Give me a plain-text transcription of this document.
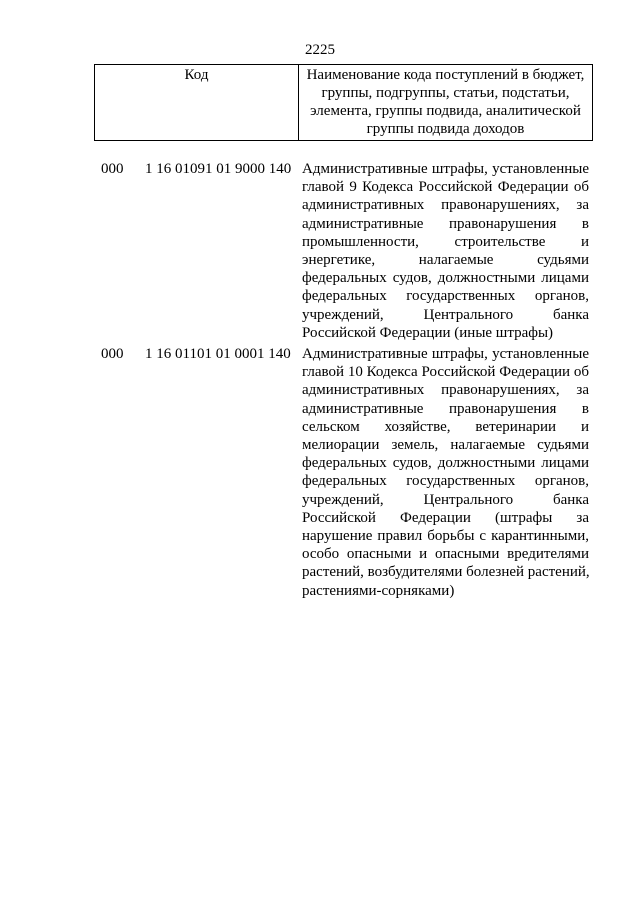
2225
Код	Наименование кода поступлений в бюджет, группы, подгруппы, статьи, подстатьи, элемента, группы подвида, аналитической группы подвида доходов
000 1 16 01091 01 9000 140 Административные штрафы, установленные
главой 9 Кодекса Российской Федерации об
административных правонарушениях, за
административные правонарушения в
промышленности, строительстве и
энергетике, налагаемые судьями
федеральных судов, должностными лицами
федеральных государственных органов,
учреждений, Центрального банка
Российской Федерации (иные штрафы)
000 1 16 01101 01 0001 140 Административные штрафы, установленные
главой 10 Кодекса Российской Федерации об
административных правонарушениях, за
административные правонарушения в
сельском хозяйстве, ветеринарии и
мелиорации земель, налагаемые судьями
федеральных судов, должностными лицами
федеральных государственных органов,
учреждений, Центрального банка
Российской Федерации (штрафы за
нарушение правил борьбы с карантинными,
особо опасными и опасными вредителями
растений, возбудителями болезней растений,
растениями-сорняками)
